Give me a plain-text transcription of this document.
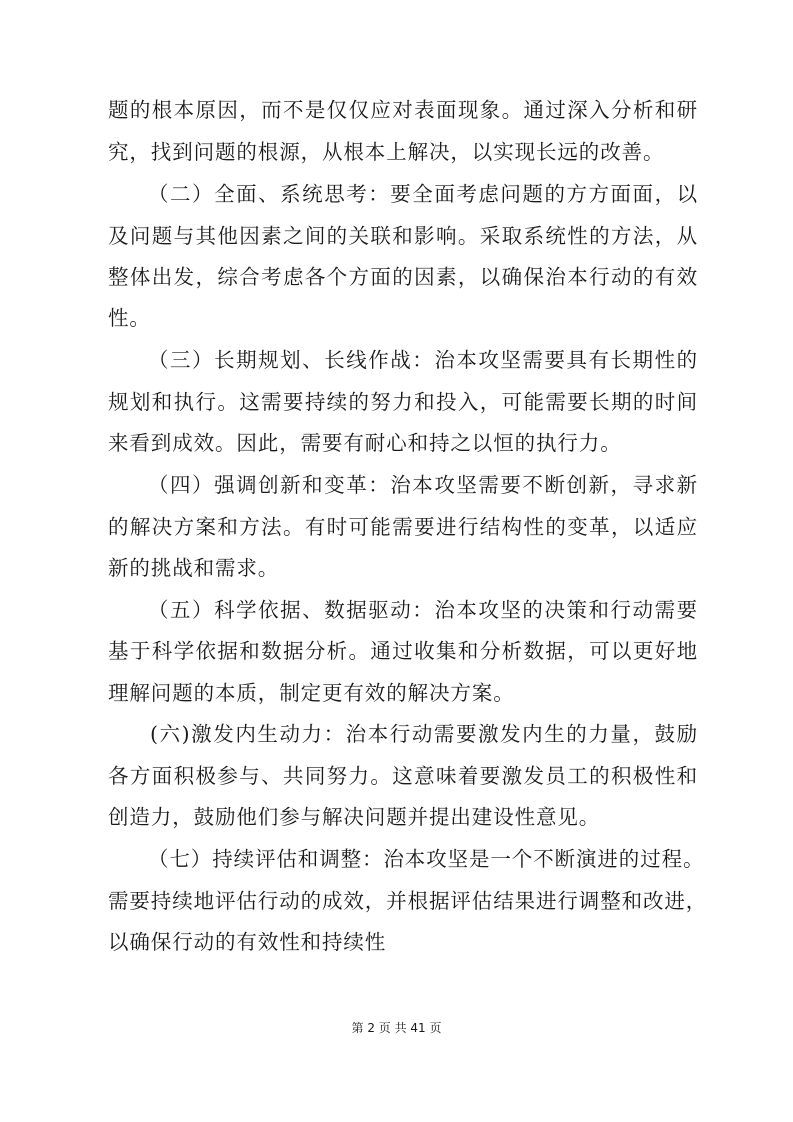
题的根本原因，而不是仅仅应对表面现象。通过深入分析和研
究，找到问题的根源，从根本上解决，以实现长远的改善。
（二）全面、系统思考：要全面考虑问题的方方面面，以
及问题与其他因素之间的关联和影响。采取系统性的方法，从
整体出发，综合考虑各个方面的因素，以确保治本行动的有效
性。
（三）长期规划、长线作战：治本攻坚需要具有长期性的
规划和执行。这需要持续的努力和投入，可能需要长期的时间
来看到成效。因此，需要有耐心和持之以恒的执行力。
（四）强调创新和变革：治本攻坚需要不断创新，寻求新
的解决方案和方法。有时可能需要进行结构性的变革，以适应
新的挑战和需求。
（五）科学依据、数据驱动：治本攻坚的决策和行动需要
基于科学依据和数据分析。通过收集和分析数据，可以更好地
理解问题的本质，制定更有效的解决方案。
(六)激发内生动力：治本行动需要激发内生的力量，鼓励
各方面积极参与、共同努力。这意味着要激发员工的积极性和
创造力，鼓励他们参与解决问题并提出建设性意见。
（七）持续评估和调整：治本攻坚是一个不断演进的过程。
需要持续地评估行动的成效，并根据评估结果进行调整和改进，
以确保行动的有效性和持续性
第 2 页 共 41 页
